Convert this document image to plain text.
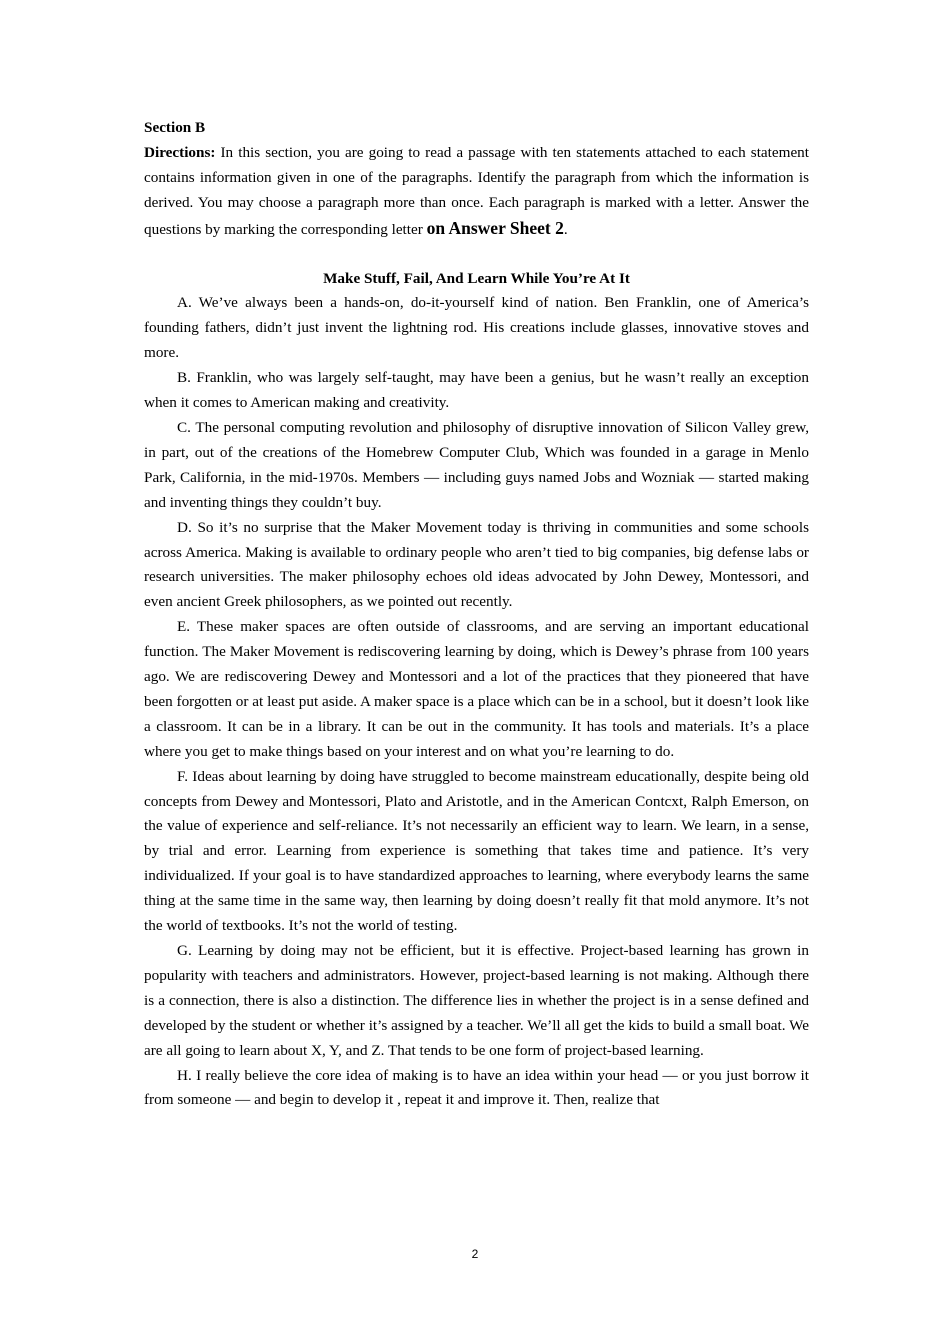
Section B

Directions: In this section, you are going to read a passage with ten statements attached to each statement contains information given in one of the paragraphs. Identify the paragraph from which the information is derived. You may choose a paragraph more than once. Each paragraph is marked with a letter. Answer the questions by marking the corresponding letter on Answer Sheet 2.

Make Stuff, Fail, And Learn While You’re At It

A. We’ve always been a hands-on, do-it-yourself kind of nation. Ben Franklin, one of America’s founding fathers, didn’t just invent the lightning rod. His creations include glasses, innovative stoves and more.

B. Franklin, who was largely self-taught, may have been a genius, but he wasn’t really an exception when it comes to American making and creativity.

C. The personal computing revolution and philosophy of disruptive innovation of Silicon Valley grew, in part, out of the creations of the Homebrew Computer Club, Which was founded in a garage in Menlo Park, California, in the mid-1970s. Members — including guys named Jobs and Wozniak — started making and inventing things they couldn’t buy.

D. So it’s no surprise that the Maker Movement today is thriving in communities and some schools across America. Making is available to ordinary people who aren’t tied to big companies, big defense labs or research universities. The maker philosophy echoes old ideas advocated by John Dewey, Montessori, and even ancient Greek philosophers, as we pointed out recently.

E. These maker spaces are often outside of classrooms, and are serving an important educational function. The Maker Movement is rediscovering learning by doing, which is Dewey’s phrase from 100 years ago. We are rediscovering Dewey and Montessori and a lot of the practices that they pioneered that have been forgotten or at least put aside. A maker space is a place which can be in a school, but it doesn’t look like a classroom. It can be in a library. It can be out in the community. It has tools and materials. It’s a place where you get to make things based on your interest and on what you’re learning to do.

F. Ideas about learning by doing have struggled to become mainstream educationally, despite being old concepts from Dewey and Montessori, Plato and Aristotle, and in the American Contcxt, Ralph Emerson, on the value of experience and self-reliance. It’s not necessarily an efficient way to learn. We learn, in a sense, by trial and error. Learning from experience is something that takes time and patience. It’s very individualized. If your goal is to have standardized approaches to learning, where everybody learns the same thing at the same time in the same way, then learning by doing doesn’t really fit that mold anymore. It’s not the world of textbooks. It’s not the world of testing.

G. Learning by doing may not be efficient, but it is effective. Project-based learning has grown in popularity with teachers and administrators. However, project-based learning is not making. Although there is a connection, there is also a distinction. The difference lies in whether the project is in a sense defined and developed by the student or whether it’s assigned by a teacher. We’ll all get the kids to build a small boat. We are all going to learn about X, Y, and Z. That tends to be one form of project-based learning.

H. I really believe the core idea of making is to have an idea within your head — or you just borrow it from someone — and begin to develop it , repeat it and improve it. Then, realize that

2
